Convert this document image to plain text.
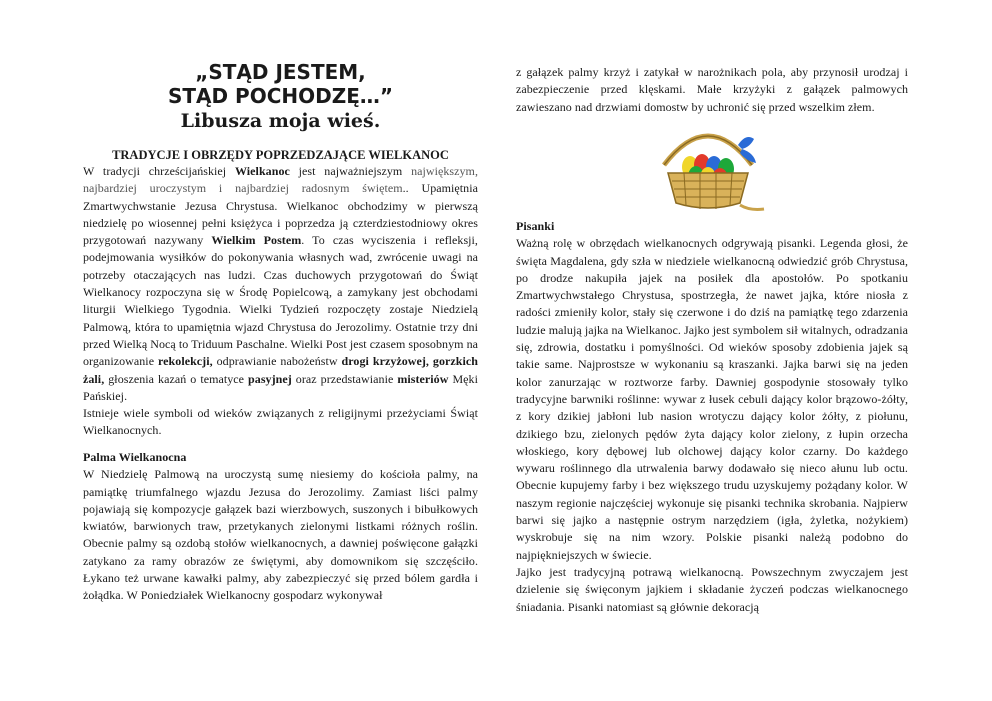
„STĄD JESTEM,
STĄD POCHODZĘ…”
Libusza moja wieś.
TRADYCJE I OBRZĘDY POPRZEDZAJĄCE WIELKANOC

W tradycji chrześcijańskiej Wielkanoc jest najważniejszym największym, najbardziej uroczystym i najbardziej radosnym świętem.. Upamiętnia Zmartwychwstanie Jezusa Chrystusa. Wielkanoc obchodzimy w pierwszą niedzielę po wiosennej pełni księżyca i poprzedza ją czterdziestodniowy okres przygotowań nazywany Wielkim Postem. To czas wyciszenia i refleksji, podejmowania wysiłków do pokonywania własnych wad, zwrócenie uwagi na potrzeby otaczających nas ludzi. Czas duchowych przygotowań do Świąt Wielkanocy rozpoczyna się w Środę Popielcową, a zamykany jest obchodami liturgii Wielkiego Tygodnia. Wielki Tydzień rozpoczęty zostaje Niedzielą Palmową, która to upamiętnia wjazd Chrystusa do Jerozolimy. Ostatnie trzy dni przed Wielką Nocą to Triduum Paschalne. Wielki Post jest czasem sposobnym na organizowanie rekolekcji, odprawianie nabożeństw drogi krzyżowej, gorzkich żali, głoszenia kazań o tematyce pasyjnej oraz przedstawianie misteriów Męki Pańskiej.

Istnieje wiele symboli od wieków związanych z religijnymi przeżyciami Świąt Wielkanocnych.

Palma Wielkanocna

W Niedzielę Palmową na uroczystą sumę niesiemy do kościoła palmy, na pamiątkę triumfalnego wjazdu Jezusa do Jerozolimy. Zamiast liści palmy pojawiają się kompozycje gałązek bazi wierzbowych, suszonych i bibułkowych kwiatów, barwionych traw, przetykanych zielonymi listkami różnych roślin. Obecnie palmy są ozdobą stołów wielkanocnych, a dawniej poświęcone gałązki zatykano za ramy obrazów ze świętymi, aby domownikom się szczęściło. Łykano też urwane kawałki palmy, aby zabezpieczyć się przed bólem gardła i żołądka. W Poniedziałek Wielkanocny gospodarz wykonywał

z gałązek palmy krzyż i zatykał w narożnikach pola, aby przynosił urodzaj i zabezpieczenie przed klęskami. Małe krzyżyki z gałązek palmowych zawieszano nad drzwiami domostw by uchronić się przed wszelkim złem.

Pisanki

Ważną rolę w obrzędach wielkanocnych odgrywają pisanki. Legenda głosi, że święta Magdalena, gdy szła w niedziele wielkanocną odwiedzić grób Chrystusa, po drodze nakupiła jajek na posiłek dla apostołów. Po spotkaniu Zmartwychwstałego Chrystusa, spostrzegła, że nawet jajka, które niosła z radości zmieniły kolor, stały się czerwone i do dziś na pamiątkę tego zdarzenia ludzie malują jajka na Wielkanoc. Jajko jest symbolem sił witalnych, odradzania się, zdrowia, dostatku i pomyślności. Od wieków sposoby zdobienia jajek są takie same. Najprostsze w wykonaniu są kraszanki. Jajka barwi się na jeden kolor zanurzając w roztworze farby. Dawniej gospodynie stosowały tylko tradycyjne barwniki roślinne: wywar z łusek cebuli dający kolor brązowo-żółty, z kory dzikiej jabłoni lub nasion wrotyczu dający kolor żółty, z piołunu, dzikiego bzu, zielonych pędów żyta dający kolor zielony, z łupin orzecha włoskiego, kory dębowej lub olchowej dający kolor czarny. Do każdego wywaru roślinnego dla utrwalenia barwy dodawało się nieco ałunu lub octu. Obecnie kupujemy farby i bez większego trudu uzyskujemy pożądany kolor. W naszym regionie najczęściej wykonuje się pisanki technika skrobania. Najpierw barwi się jajko a następnie ostrym narzędziem (igła, żyletka, nożykiem) wyskrobuje się na nim wzory. Polskie pisanki należą podobno do najpiękniejszych w świecie.

Jajko jest tradycyjną potrawą wielkanocną. Powszechnym zwyczajem jest dzielenie się święconym jajkiem i składanie życzeń podczas wielkanocnego śniadania. Pisanki natomiast są głównie dekoracją
